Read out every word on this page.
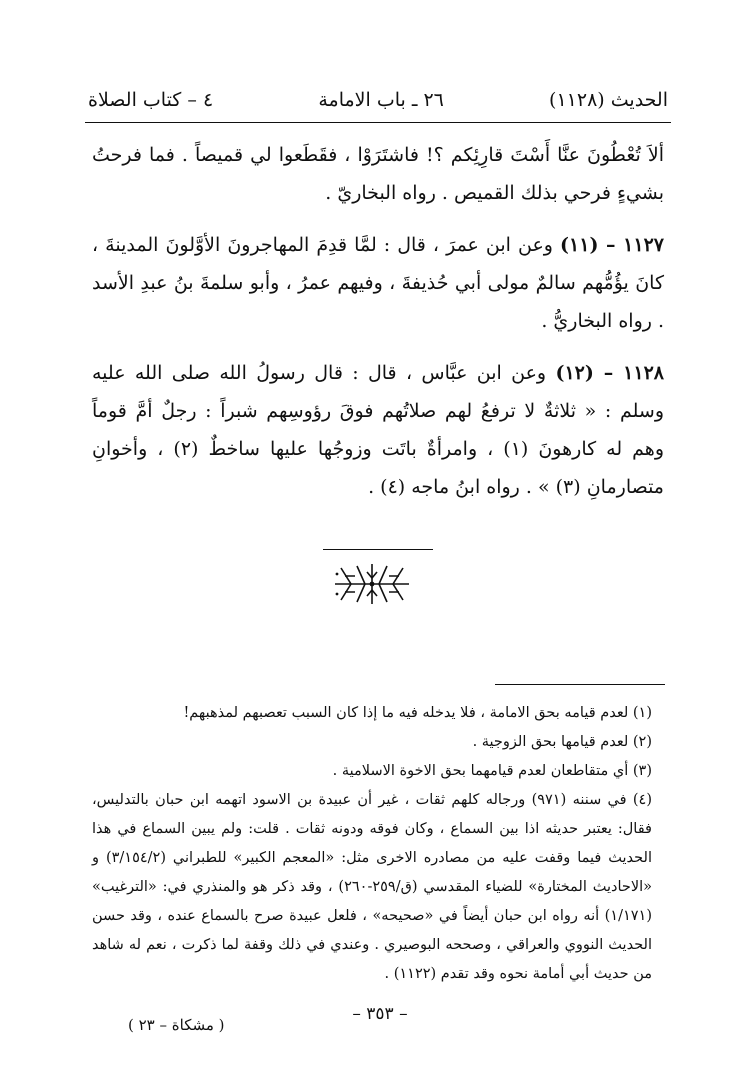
٤ – كتاب الصلاة	٢٦ ـ باب الامامة	الحديث (١١٢٨)

ألاَ تُعْطُونَ عنَّا أَسْتَ قارِئِكم ؟! فاشتَرَوْا ، فقَطَعوا لي قميصاً . فما فرحتُ بشيءٍ فرحي بذلك القميص . رواه البخاريّ .

١١٢٧ – (١١) وعن ابن عمرَ ، قال : لمَّا قدِمَ المهاجرونَ الأوَّلونَ المدينةَ ، كانَ يؤُمُّهم سالمٌ مولى أبي حُذيفةَ ، وفيهم عمرُ ، وأبو سلمةَ بنُ عبدِ الأسد . رواه البخاريُّ .

١١٢٨ – (١٢) وعن ابن عبَّاس ، قال : قال رسولُ الله صلى الله عليه وسلم : « ثلاثةٌ لا ترفعُ لهم صلاتُهم فوقَ رؤوسِهم شبراً : رجلٌ أمَّ قوماً وهم له كارهونَ (١) ، وامرأةٌ باتَت وزوجُها عليها ساخطٌ (٢) ، وأخوانِ متصارمانِ (٣) » . رواه ابنُ ماجه (٤) .

(١) لعدم قيامه بحق الامامة ، فلا يدخله فيه ما إذا كان السبب تعصبهم لمذهبهم!

(٢) لعدم قيامها بحق الزوجية .

(٣) أي متقاطعان لعدم قيامهما بحق الاخوة الاسلامية .

(٤) في سننه (٩٧١) ورجاله كلهم ثقات ، غير أن عبيدة بن الاسود اتهمه ابن حبان بالتدليس، فقال: يعتبر حديثه اذا بين السماع ، وكان فوقه ودونه ثقات . قلت: ولم يبين السماع في هذا الحديث فيما وقفت عليه من مصادره الاخرى مثل: «المعجم الكبير» للطبراني (٣/١٥٤/٢) و «الاحاديث المختارة» للضياء المقدسي (ق/٢٥٩-٢٦٠) ، وقد ذكر هو والمنذري في: «الترغيب» (١/١٧١) أنه رواه ابن حبان أيضاً في «صحيحه» ، فلعل عبيدة صرح بالسماع عنده ، وقد حسن الحديث النووي والعراقي ، وصححه البوصيري . وعندي في ذلك وقفة لما ذكرت ، نعم له شاهد من حديث أبي أمامة نحوه وقد تقدم (١١٢٢) .

– ٣٥٣ –
( مشكاة – ٢٣ )
